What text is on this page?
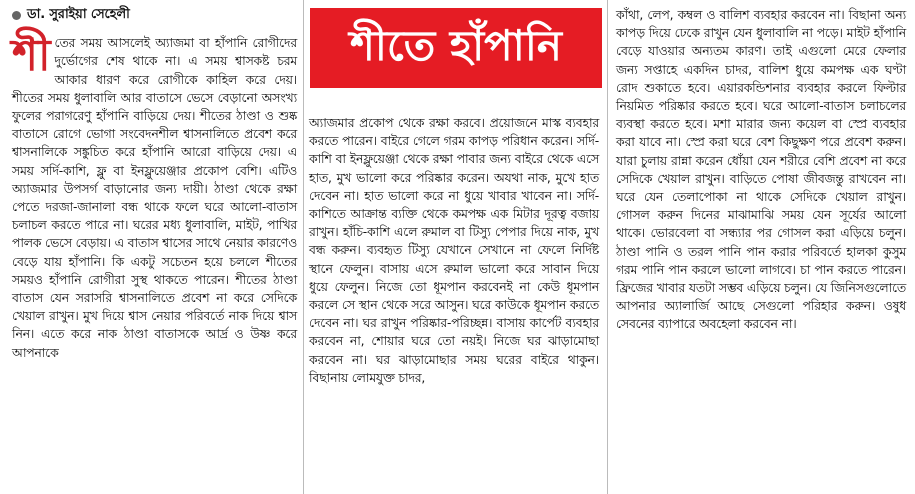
ডা. সুরাইয়া সেহেলী

শীতের সময় আসলেই অ্যাজমা বা হাঁপানি রোগীদের দুর্ভোগের শেষ থাকে না। এ সময় শ্বাসকষ্ট চরম আকার ধারণ করে রোগীকে কাহিল করে দেয়। শীতের সময় ধুলাবালি আর বাতাসে ভেসে বেড়ানো অসংখ্য ফুলের পরাগরেণু হাঁপানি বাড়িয়ে দেয়। শীতের ঠাণ্ডা ও শুষ্ক বাতাসে রোগে ভোগা সংবেদনশীল শ্বাসনালিতে প্রবেশ করে শ্বাসনালিকে সঙ্কুচিত করে হাঁপানি আরো বাড়িয়ে দেয়। এ সময় সর্দি-কাশি, ফ্লু বা ইনফ্লুয়েঞ্জার প্রকোপ বেশি। এটিও অ্যাজমার উপসর্গ বাড়ানোর জন্য দায়ী। ঠাণ্ডা থেকে রক্ষা পেতে দরজা-জানালা বন্ধ থাকে ফলে ঘরে আলো-বাতাস চলাচল করতে পারে না। ঘরের মধ্য ধুলাবালি, মাইট, পাখির পালক ভেসে বেড়ায়। এ বাতাস শ্বাসের সাথে নেয়ার কারণেও বেড়ে যায় হাঁপানি। কি একটু সচেতন হয়ে চললে শীতের সময়ও হাঁপানি রোগীরা সুস্থ থাকতে পারেন। শীতের ঠাণ্ডা বাতাস যেন সরাসরি শ্বাসনালিতে প্রবেশ না করে সেদিকে খেয়াল রাখুন। মুখ দিয়ে শ্বাস নেয়ার পরিবর্তে নাক দিয়ে শ্বাস নিন। এতে করে নাক ঠাণ্ডা বাতাসকে আর্দ্র ও উষ্ণ করে আপনাকে

শীতে হাঁপানি

অ্যাজমার প্রকোপ থেকে রক্ষা করবে। প্রয়োজনে মাস্ক ব্যবহার করতে পারেন। বাইরে গেলে গরম কাপড় পরিধান করেন। সর্দি-কাশি বা ইনফ্লুয়েঞ্জা থেকে রক্ষা পাবার জন্য বাইরে থেকে এসে হাত, মুখ ভালো করে পরিষ্কার করেন। অযথা নাক, মুখে হাত দেবেন না। হাত ভালো করে না ধুয়ে খাবার খাবেন না। সর্দি-কাশিতে আক্রান্ত ব্যক্তি থেকে কমপক্ষ এক মিটার দূরত্ব বজায় রাখুন। হাঁচি-কাশি এলে রুমাল বা টিস্যু পেপার দিয়ে নাক, মুখ বন্ধ করুন। ব্যবহৃত টিস্যু যেখানে সেখানে না ফেলে নির্দিষ্ট স্থানে ফেলুন। বাসায় এসে রুমাল ভালো করে সাবান দিয়ে ধুয়ে ফেলুন। নিজে তো ধূমপান করবেনই না কেউ ধূমপান করলে সে স্থান থেকে সরে আসুন। ঘরে কাউকে ধূমপান করতে দেবেন না। ঘর রাখুন পরিষ্কার-পরিচ্ছন্ন। বাসায় কার্পেট ব্যবহার করবেন না, শোয়ার ঘরে তো নয়ই। নিজে ঘর ঝাড়ামোছা করবেন না। ঘর ঝাড়ামোছার সময় ঘরের বাইরে থাকুন। বিছানায় লোমযুক্ত চাদর,

কাঁথা, লেপ, কম্বল ও বালিশ ব্যবহার করবেন না। বিছানা অন্য কাপড় দিয়ে ঢেকে রাখুন যেন ধুলাবালি না পড়ে। মাইট হাঁপানি বেড়ে যাওয়ার অন্যতম কারণ। তাই এগুলো মেরে ফেলার জন্য সপ্তাহে একদিন চাদর, বালিশ ধুয়ে কমপক্ষ এক ঘণ্টা রোদ শুকাতে হবে। এয়ারকন্ডিশনার ব্যবহার করলে ফিল্টার নিয়মিত পরিষ্কার করতে হবে। ঘরে আলো-বাতাস চলাচলের ব্যবস্থা করতে হবে। মশা মারার জন্য কয়েল বা স্প্রে ব্যবহার করা যাবে না। স্প্রে করা ঘরে বেশ কিছুক্ষণ পরে প্রবেশ করুন। যারা চুলায় রান্না করেন ধোঁয়া যেন শরীরে বেশি প্রবেশ না করে সেদিকে খেয়াল রাখুন। বাড়িতে পোষা জীবজন্তু রাখবেন না। ঘরে যেন তেলাপোকা না থাকে সেদিকে খেয়াল রাখুন। গোসল করুন দিনের মাঝামাঝি সময় যেন সূর্যের আলো থাকে। ভোরবেলা বা সন্ধ্যার পর গোসল করা এড়িয়ে চলুন। ঠাণ্ডা পানি ও তরল পানি পান করার পরিবর্তে হালকা কুসুম গরম পানি পান করলে ভালো লাগবে। চা পান করতে পারেন। ফ্রিজের খাবার যতটা সম্ভব এড়িয়ে চলুন। যে জিনিসগুলোতে আপনার অ্যালার্জি আছে সেগুলো পরিহার করুন। ওষুধ সেবনের ব্যাপারে অবহেলা করবেন না।
